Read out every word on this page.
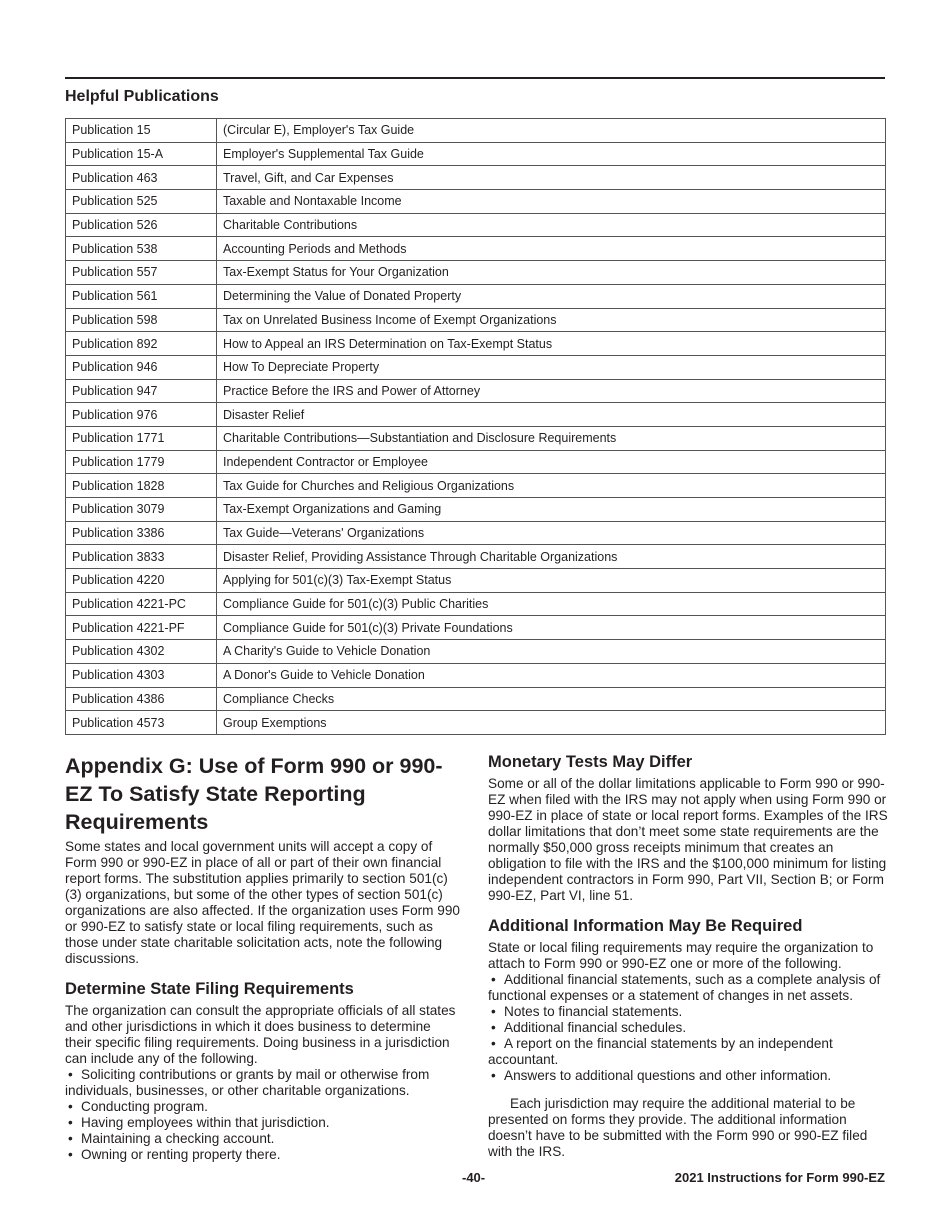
Helpful Publications
Publication 15	(Circular E), Employer's Tax Guide
Publication 15-A	Employer's Supplemental Tax Guide
Publication 463	Travel, Gift, and Car Expenses
Publication 525	Taxable and Nontaxable Income
Publication 526	Charitable Contributions
Publication 538	Accounting Periods and Methods
Publication 557	Tax-Exempt Status for Your Organization
Publication 561	Determining the Value of Donated Property
Publication 598	Tax on Unrelated Business Income of Exempt Organizations
Publication 892	How to Appeal an IRS Determination on Tax-Exempt Status
Publication 946	How To Depreciate Property
Publication 947	Practice Before the IRS and Power of Attorney
Publication 976	Disaster Relief
Publication 1771	Charitable Contributions—Substantiation and Disclosure Requirements
Publication 1779	Independent Contractor or Employee
Publication 1828	Tax Guide for Churches and Religious Organizations
Publication 3079	Tax-Exempt Organizations and Gaming
Publication 3386	Tax Guide—Veterans' Organizations
Publication 3833	Disaster Relief, Providing Assistance Through Charitable Organizations
Publication 4220	Applying for 501(c)(3) Tax-Exempt Status
Publication 4221-PC	Compliance Guide for 501(c)(3) Public Charities
Publication 4221-PF	Compliance Guide for 501(c)(3) Private Foundations
Publication 4302	A Charity's Guide to Vehicle Donation
Publication 4303	A Donor's Guide to Vehicle Donation
Publication 4386	Compliance Checks
Publication 4573	Group Exemptions
Appendix G: Use of Form 990 or 990-EZ To Satisfy State Reporting Requirements

Some states and local government units will accept a copy of Form 990 or 990-EZ in place of all or part of their own financial report forms. The substitution applies primarily to section 501(c)(3) organizations, but some of the other types of section 501(c) organizations are also affected. If the organization uses Form 990 or 990-EZ to satisfy state or local filing requirements, such as those under state charitable solicitation acts, note the following discussions.

Determine State Filing Requirements

The organization can consult the appropriate officials of all states and other jurisdictions in which it does business to determine their specific filing requirements. Doing business in a jurisdiction can include any of the following.

• Soliciting contributions or grants by mail or otherwise from individuals, businesses, or other charitable organizations.

• Conducting program.

• Having employees within that jurisdiction.

• Maintaining a checking account.

• Owning or renting property there.

Monetary Tests May Differ

Some or all of the dollar limitations applicable to Form 990 or 990-EZ when filed with the IRS may not apply when using Form 990 or 990-EZ in place of state or local report forms. Examples of the IRS dollar limitations that don’t meet some state requirements are the normally $50,000 gross receipts minimum that creates an obligation to file with the IRS and the $100,000 minimum for listing independent contractors in Form 990, Part VII, Section B; or Form 990-EZ, Part VI, line 51.

Additional Information May Be Required

State or local filing requirements may require the organization to attach to Form 990 or 990-EZ one or more of the following.

• Additional financial statements, such as a complete analysis of functional expenses or a statement of changes in net assets.

• Notes to financial statements.

• Additional financial schedules.

• A report on the financial statements by an independent accountant.

• Answers to additional questions and other information.

Each jurisdiction may require the additional material to be presented on forms they provide. The additional information doesn’t have to be submitted with the Form 990 or 990-EZ filed with the IRS.

-40-	2021 Instructions for Form 990-EZ
